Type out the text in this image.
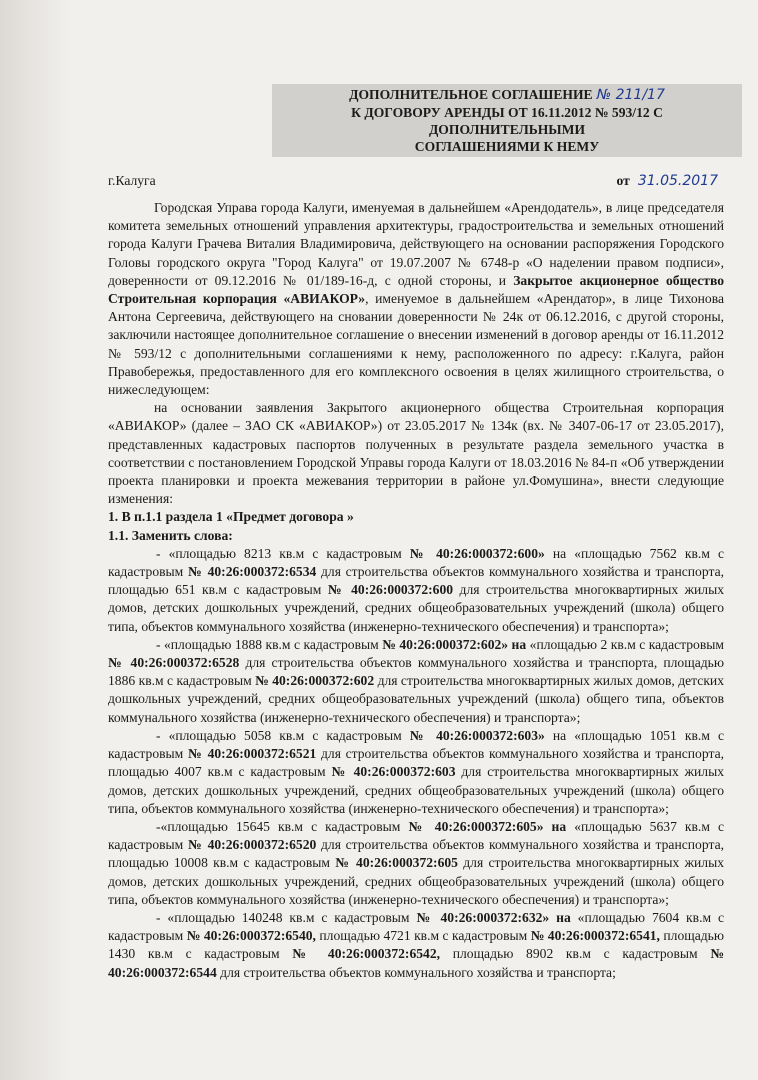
ДОПОЛНИТЕЛЬНОЕ СОГЛАШЕНИЕ № 211/17
К ДОГОВОРУ АРЕНДЫ ОТ 16.11.2012 № 593/12 С ДОПОЛНИТЕЛЬНЫМИ
СОГЛАШЕНИЯМИ К НЕМУ
г.Калуга	от 31.05.2017

Городская Управа города Калуги, именуемая в дальнейшем «Арендодатель», в лице председателя комитета земельных отношений управления архитектуры, градостроительства и земельных отношений города Калуги Грачева Виталия Владимировича, действующего на основании распоряжения Городского Головы городского округа "Город Калуга" от 19.07.2007 № 6748-р «О наделении правом подписи», доверенности от 09.12.2016 № 01/189-16-д, с одной стороны, и Закрытое акционерное общество Строительная корпорация «АВИАКОР», именуемое в дальнейшем «Арендатор», в лице Тихонова Антона Сергеевича, действующего на сновании доверенности № 24к от 06.12.2016, с другой стороны, заключили настоящее дополнительное соглашение о внесении изменений в договор аренды от 16.11.2012 № 593/12 с дополнительными соглашениями к нему, расположенного по адресу: г.Калуга, район Правобережья, предоставленного для его комплексного освоения в целях жилищного строительства, о нижеследующем:

на основании заявления Закрытого акционерного общества Строительная корпорация «АВИАКОР» (далее – ЗАО СК «АВИАКОР») от 23.05.2017 № 134к (вх. № 3407-06-17 от 23.05.2017), представленных кадастровых паспортов полученных в результате раздела земельного участка в соответствии с постановлением Городской Управы города Калуги от 18.03.2016 № 84-п «Об утверждении проекта планировки и проекта межевания территории в районе ул.Фомушина», внести следующие изменения:

1. В п.1.1 раздела 1 «Предмет договора »

1.1. Заменить слова:

- «площадью 8213 кв.м с кадастровым № 40:26:000372:600» на «площадью 7562 кв.м с кадастровым № 40:26:000372:6534 для строительства объектов коммунального хозяйства и транспорта, площадью 651 кв.м с кадастровым № 40:26:000372:600 для строительства многоквартирных жилых домов, детских дошкольных учреждений, средних общеобразовательных учреждений (школа) общего типа, объектов коммунального хозяйства (инженерно-технического обеспечения) и транспорта»;

- «площадью 1888 кв.м с кадастровым № 40:26:000372:602» на «площадью 2 кв.м с кадастровым № 40:26:000372:6528 для строительства объектов коммунального хозяйства и транспорта, площадью 1886 кв.м с кадастровым № 40:26:000372:602 для строительства многоквартирных жилых домов, детских дошкольных учреждений, средних общеобразовательных учреждений (школа) общего типа, объектов коммунального хозяйства (инженерно-технического обеспечения) и транспорта»;

- «площадью 5058 кв.м с кадастровым № 40:26:000372:603» на «площадью 1051 кв.м с кадастровым № 40:26:000372:6521 для строительства объектов коммунального хозяйства и транспорта, площадью 4007 кв.м с кадастровым № 40:26:000372:603 для строительства многоквартирных жилых домов, детских дошкольных учреждений, средних общеобразовательных учреждений (школа) общего типа, объектов коммунального хозяйства (инженерно-технического обеспечения) и транспорта»;

-«площадью 15645 кв.м с кадастровым № 40:26:000372:605» на «площадью 5637 кв.м с кадастровым № 40:26:000372:6520 для строительства объектов коммунального хозяйства и транспорта, площадью 10008 кв.м с кадастровым № 40:26:000372:605 для строительства многоквартирных жилых домов, детских дошкольных учреждений, средних общеобразовательных учреждений (школа) общего типа, объектов коммунального хозяйства (инженерно-технического обеспечения) и транспорта»;

- «площадью 140248 кв.м с кадастровым № 40:26:000372:632» на «площадью 7604 кв.м с кадастровым № 40:26:000372:6540, площадью 4721 кв.м с кадастровым № 40:26:000372:6541, площадью 1430 кв.м с кадастровым № 40:26:000372:6542, площадью 8902 кв.м с кадастровым № 40:26:000372:6544 для строительства объектов коммунального хозяйства и транспорта;
